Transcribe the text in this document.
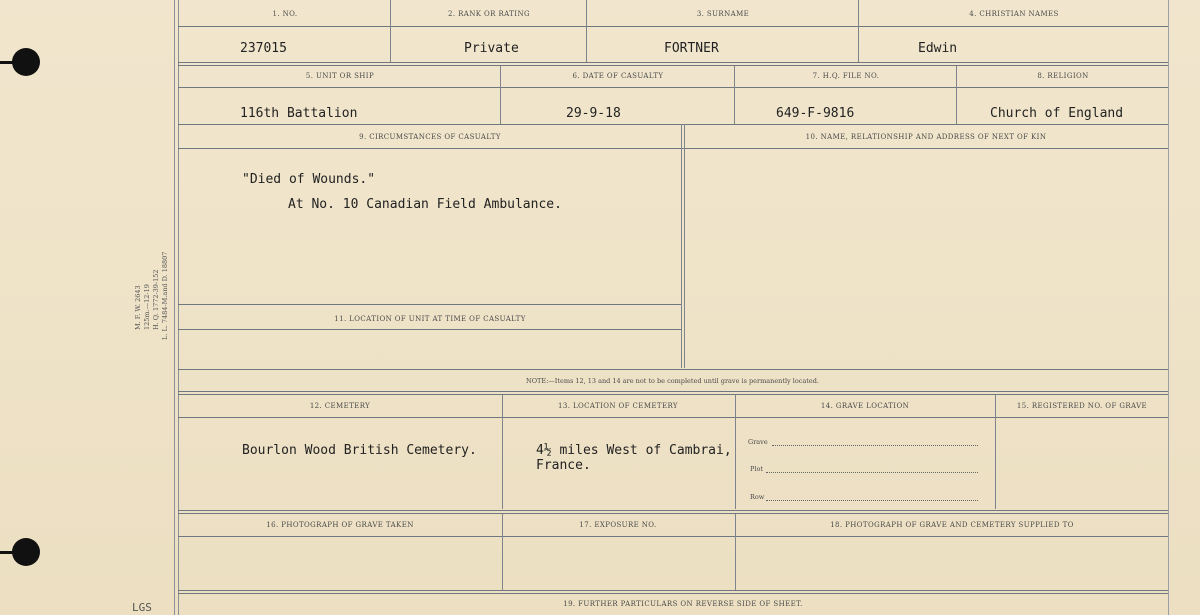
M. F. W. 2643 125m.—12-19 H. Q. 1772-39-152 L. L. 7484-M.and D. 18807
1. NO.	2. RANK OR RATING	3. SURNAME	4. CHRISTIAN NAMES
237015	Private	FORTNER	Edwin
5. UNIT OR SHIP	6. DATE OF CASUALTY	7. H.Q. FILE NO.	8. RELIGION
116th Battalion	29-9-18	649-F-9816	Church of England
9. CIRCUMSTANCES OF CASUALTY	10. NAME, RELATIONSHIP AND ADDRESS OF NEXT OF KIN
"Died of Wounds."
At No. 10 Canadian Field Ambulance.
11. LOCATION OF UNIT AT TIME OF CASUALTY
NOTE:—Items 12, 13 and 14 are not to be completed until grave is permanently located.
12. CEMETERY	13. LOCATION OF CEMETERY	14. GRAVE LOCATION	15. REGISTERED NO. OF GRAVE
Bourlon Wood British Cemetery.	4½ miles West of Cambrai,
France.
Grave
Plot
Row
16. PHOTOGRAPH OF GRAVE TAKEN	17. EXPOSURE NO.	18. PHOTOGRAPH OF GRAVE AND CEMETERY SUPPLIED TO
19. FURTHER PARTICULARS ON REVERSE SIDE OF SHEET.
LGS
